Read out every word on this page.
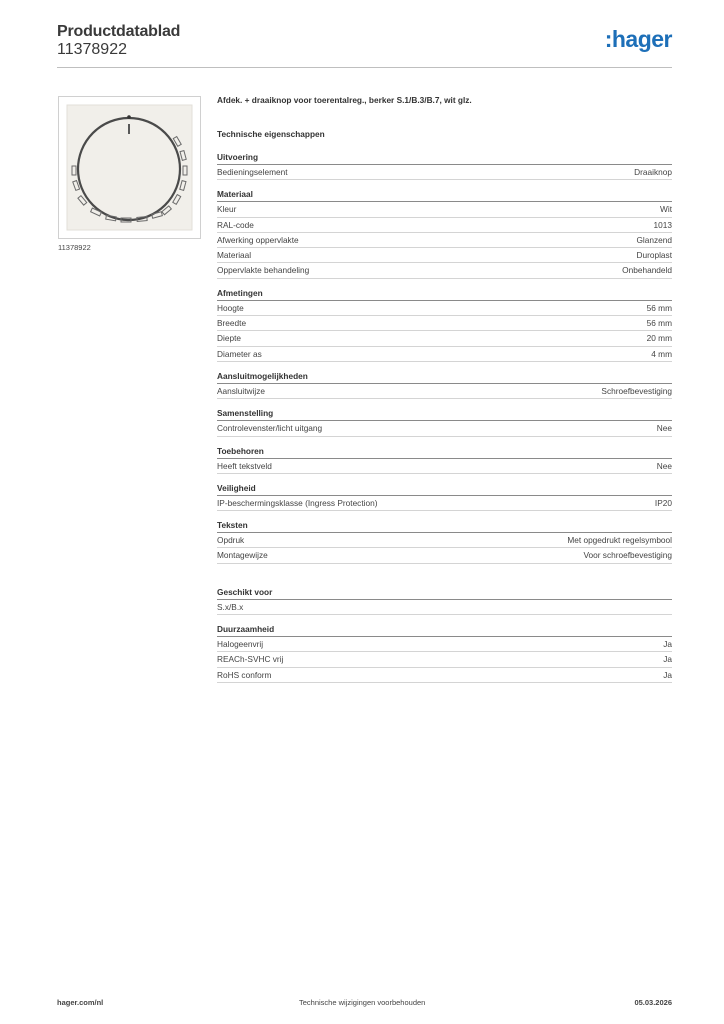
Productdatablad
11378922	:hager
11378922
Afdek. + draaiknop voor toerentalreg., berker S.1/B.3/B.7, wit glz.
Technische eigenschappen
Uitvoering
Bedieningselement	Draaiknop
Materiaal
Kleur	Wit
RAL-code	1013
Afwerking oppervlakte	Glanzend
Materiaal	Duroplast
Oppervlakte behandeling	Onbehandeld
Afmetingen
Hoogte	56 mm
Breedte	56 mm
Diepte	20 mm
Diameter as	4 mm
Aansluitmogelijkheden
Aansluitwijze	Schroefbevestiging
Samenstelling
Controlevenster/licht uitgang	Nee
Toebehoren
Heeft tekstveld	Nee
Veiligheid
IP-beschermingsklasse (Ingress Protection)	IP20
Teksten
Opdruk	Met opgedrukt regelsymbool
Montagewijze	Voor schroefbevestiging
Geschikt voor
S.x/B.x
Duurzaamheid
Halogeenvrij	Ja
REACh-SVHC vrij	Ja
RoHS conform	Ja
hager.com/nl	Technische wijzigingen voorbehouden	05.03.2026
